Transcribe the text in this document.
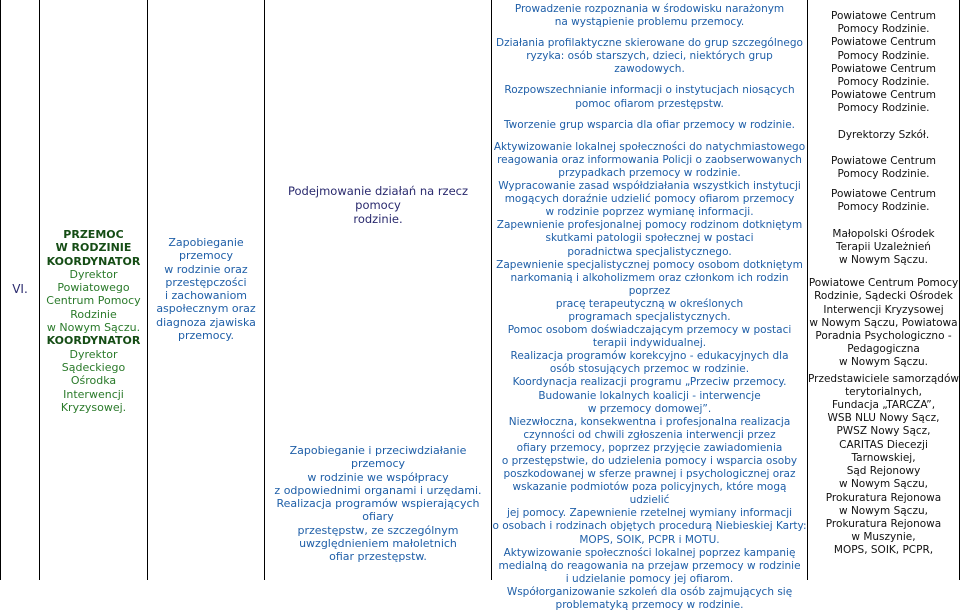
VI.
PRZEMOC
W RODZINIE
KOORDYNATOR
Dyrektor
Powiatowego
Centrum Pomocy
Rodzinie
w Nowym Sączu.
KOORDYNATOR
Dyrektor
Sądeckiego Ośrodka
Interwencji
Kryzysowej.
Zapobieganie
przemocy
w rodzinie oraz
przestępczości
i zachowaniom
aspołecznym oraz
diagnoza zjawiska
przemocy.
Podejmowanie działań na rzecz pomocy
rodzinie.
Zapobieganie i przeciwdziałanie przemocy
w rodzinie we współpracy
z odpowiednimi organami i urzędami.
Realizacja programów wspierających ofiary
przestępstw, ze szczególnym
uwzględnieniem małoletnich
ofiar przestępstw.
Prowadzenie rozpoznania w środowisku narażonym
na wystąpienie problemu przemocy.
Działania profilaktyczne skierowane do grup szczególnego
ryzyka: osób starszych, dzieci, niektórych grup zawodowych.
Rozpowszechnianie informacji o instytucjach niosących
pomoc ofiarom przestępstw.
Tworzenie grup wsparcia dla ofiar przemocy w rodzinie.
Aktywizowanie lokalnej społeczności do natychmiastowego
reagowania oraz informowania Policji o zaobserwowanych
przypadkach przemocy w rodzinie.
Wypracowanie zasad współdziałania wszystkich instytucji
mogących doraźnie udzielić pomocy ofiarom przemocy
w rodzinie poprzez wymianę informacji.
Zapewnienie profesjonalnej pomocy rodzinom dotkniętym
skutkami patologii społecznej w postaci
poradnictwa specjalistycznego.
Zapewnienie specjalistycznej pomocy osobom dotkniętym
narkomanią i alkoholizmem oraz członkom ich rodzin poprzez
pracę terapeutyczną w określonych
programach specjalistycznych.
Pomoc osobom doświadczającym przemocy w postaci
terapii indywidualnej.
Realizacja programów korekcyjno - edukacyjnych dla
osób stosujących przemoc w rodzinie.
Koordynacja realizacji programu „Przeciw przemocy.
Budowanie lokalnych koalicji - interwencje
w przemocy domowej”.
Niezwłoczna, konsekwentna i profesjonalna realizacja
czynności od chwili zgłoszenia interwencji przez
ofiary przemocy, poprzez przyjęcie zawiadomienia
o przestępstwie, do udzielenia pomocy i wsparcia osoby
poszkodowanej w sferze prawnej i psychologicznej oraz
wskazanie podmiotów poza policyjnych, które mogą udzielić
jej pomocy. Zapewnienie rzetelnej wymiany informacji
o osobach i rodzinach objętych procedurą Niebieskiej Karty:
MOPS, SOIK, PCPR i MOTU.
Aktywizowanie społeczności lokalnej poprzez kampanię
medialną do reagowania na przejaw przemocy w rodzinie
i udzielanie pomocy jej ofiarom.
Współorganizowanie szkoleń dla osób zajmujących się
problematyką przemocy w rodzinie.
Powiatowe Centrum
Pomocy Rodzinie.
Powiatowe Centrum
Pomocy Rodzinie.
Powiatowe Centrum
Pomocy Rodzinie.
Powiatowe Centrum
Pomocy Rodzinie.
Dyrektorzy Szkół.
Powiatowe Centrum
Pomocy Rodzinie.
Powiatowe Centrum
Pomocy Rodzinie.
Małopolski Ośrodek
Terapii Uzależnień
w Nowym Sączu.
Powiatowe Centrum Pomocy
Rodzinie, Sądecki Ośrodek
Interwencji Kryzysowej
w Nowym Sączu, Powiatowa
Poradnia Psychologiczno -
Pedagogiczna
w Nowym Sączu.
Przedstawiciele samorządów
terytorialnych,
Fundacja „TARCZA”,
WSB NLU Nowy Sącz,
PWSZ Nowy Sącz,
CARITAS Diecezji
Tarnowskiej,
Sąd Rejonowy
w Nowym Sączu,
Prokuratura Rejonowa
w Nowym Sączu,
Prokuratura Rejonowa
w Muszynie,
MOPS, SOIK, PCPR,
